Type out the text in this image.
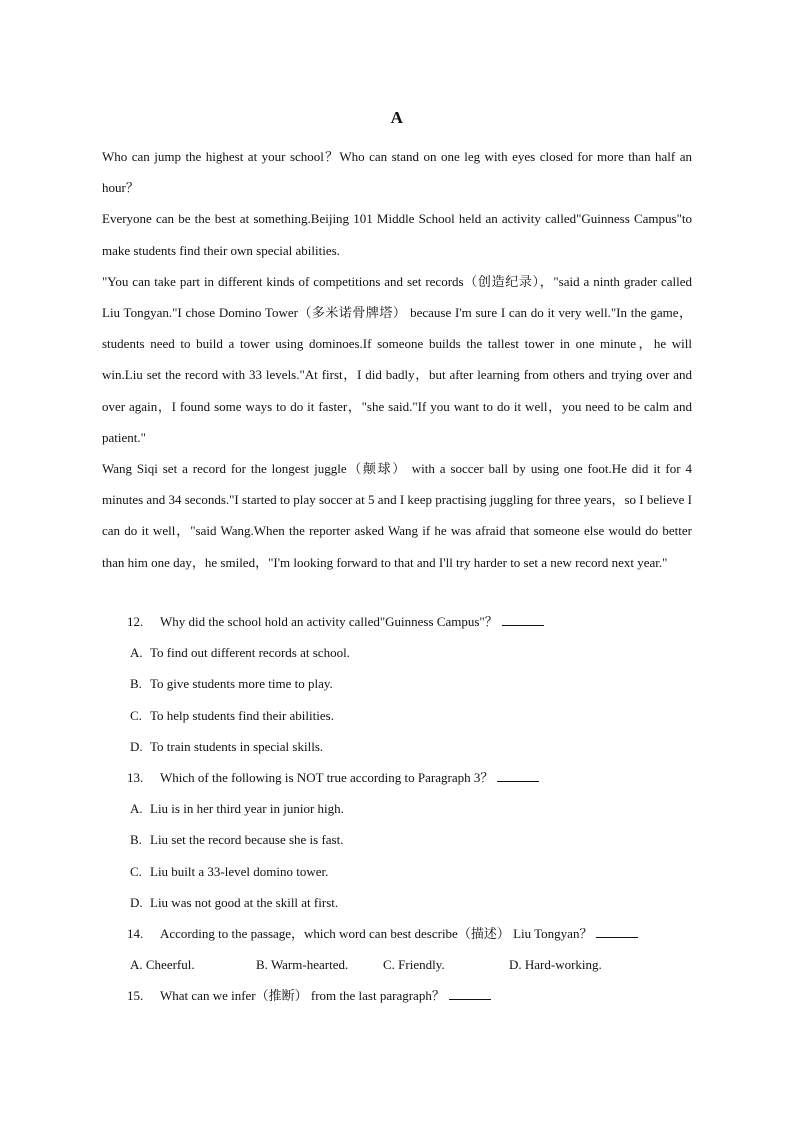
A

Who can jump the highest at your school？Who can stand on one leg with eyes closed for more than half an hour？

Everyone can be the best at something.Beijing 101 Middle School held an activity called"Guinness Campus"to make students find their own special abilities.

"You can take part in different kinds of competitions and set records（创造纪录），"said a ninth grader called Liu Tongyan."I chose Domino Tower（多米诺骨牌塔） because I'm sure I can do it very well."In the game，students need to build a tower using dominoes.If someone builds the tallest tower in one minute，he will win.Liu set the record with 33 levels."At first，I did badly，but after learning from others and trying over and over again，I found some ways to do it faster，"she said."If you want to do it well，you need to be calm and patient."

Wang Siqi set a record for the longest juggle（颠球） with a soccer ball by using one foot.He did it for 4 minutes and 34 seconds."I started to play soccer at 5 and I keep practising juggling for three years，so I believe I can do it well，"said Wang.When the reporter asked Wang if he was afraid that someone else would do better than him one day，he smiled，"I'm looking forward to that and I'll try harder to set a new record next year."

12. Why did the school hold an activity called"Guinness Campus"？

A. To find out different records at school.

B. To give students more time to play.

C. To help students find their abilities.

D. To train students in special skills.

13. Which of the following is NOT true according to Paragraph 3？

A. Liu is in her third year in junior high.

B. Liu set the record because she is fast.

C. Liu built a 33-level domino tower.

D. Liu was not good at the skill at first.

14. According to the passage，which word can best describe（描述） Liu Tongyan？

A. Cheerful.	B. Warm-hearted.	C. Friendly.	D. Hard-working.

15. What can we infer（推断） from the last paragraph？
